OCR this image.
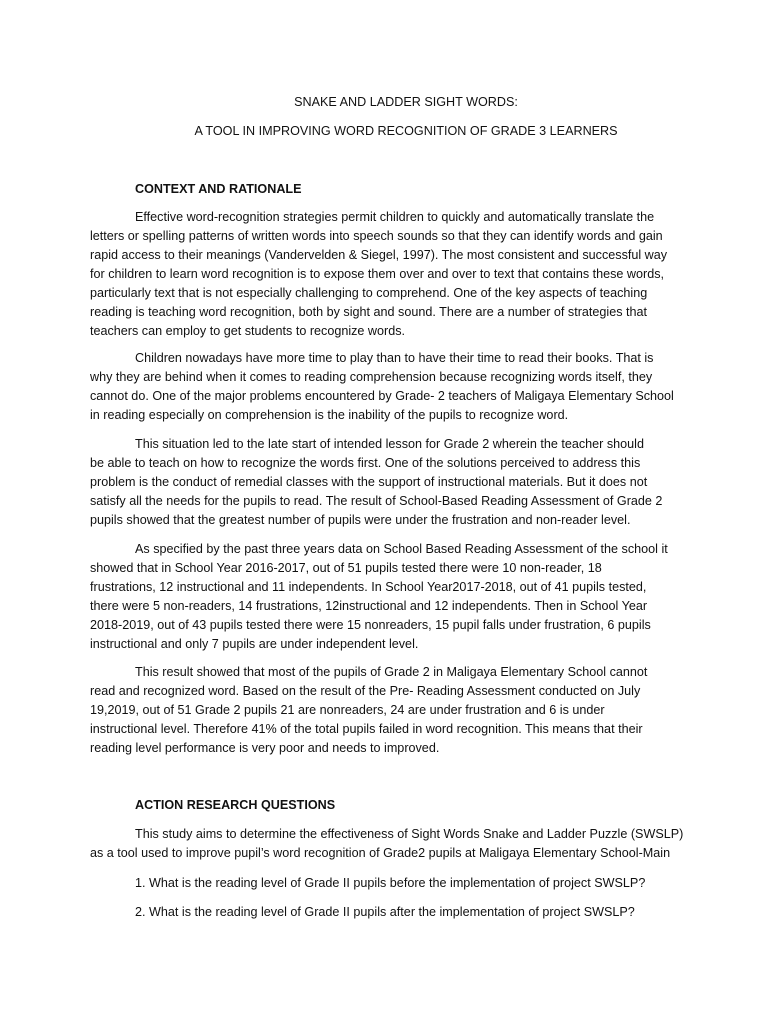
SNAKE AND LADDER SIGHT WORDS:

A TOOL IN IMPROVING WORD RECOGNITION OF GRADE 3 LEARNERS

CONTEXT AND RATIONALE

Effective word-recognition strategies permit children to quickly and automatically translate the
letters or spelling patterns of written words into speech sounds so that they can identify words and gain
rapid access to their meanings (Vandervelden & Siegel, 1997). The most consistent and successful way
for children to learn word recognition is to expose them over and over to text that contains these words,
particularly text that is not especially challenging to comprehend. One of the key aspects of teaching
reading is teaching word recognition, both by sight and sound. There are a number of strategies that
teachers can employ to get students to recognize words.
Children nowadays have more time to play than to have their time to read their books. That is
why they are behind when it comes to reading comprehension because recognizing words itself, they
cannot do. One of the major problems encountered by Grade- 2 teachers of Maligaya Elementary School
in reading especially on comprehension is the inability of the pupils to recognize word.
This situation led to the late start of intended lesson for Grade 2 wherein the teacher should
be able to teach on how to recognize the words first. One of the solutions perceived to address this
problem is the conduct of remedial classes with the support of instructional materials. But it does not
satisfy all the needs for the pupils to read. The result of School-Based Reading Assessment of Grade 2
pupils showed that the greatest number of pupils were under the frustration and non-reader level.
As specified by the past three years data on School Based Reading Assessment of the school it
showed that in School Year 2016-2017, out of 51 pupils tested there were 10 non-reader, 18
frustrations, 12 instructional and 11 independents. In School Year2017-2018, out of 41 pupils tested,
there were 5 non-readers, 14 frustrations, 12instructional and 12 independents. Then in School Year
2018-2019, out of 43 pupils tested there were 15 nonreaders, 15 pupil falls under frustration, 6 pupils
instructional and only 7 pupils are under independent level.
This result showed that most of the pupils of Grade 2 in Maligaya Elementary School cannot
read and recognized word. Based on the result of the Pre- Reading Assessment conducted on July
19,2019, out of 51 Grade 2 pupils 21 are nonreaders, 24 are under frustration and 6 is under
instructional level. Therefore 41% of the total pupils failed in word recognition. This means that their
reading level performance is very poor and needs to improved.

ACTION RESEARCH QUESTIONS

This study aims to determine the effectiveness of Sight Words Snake and Ladder Puzzle (SWSLP)
as a tool used to improve pupil’s word recognition of Grade2 pupils at Maligaya Elementary School-Main

1. What is the reading level of Grade II pupils before the implementation of project SWSLP?

2. What is the reading level of Grade II pupils after the implementation of project SWSLP?
